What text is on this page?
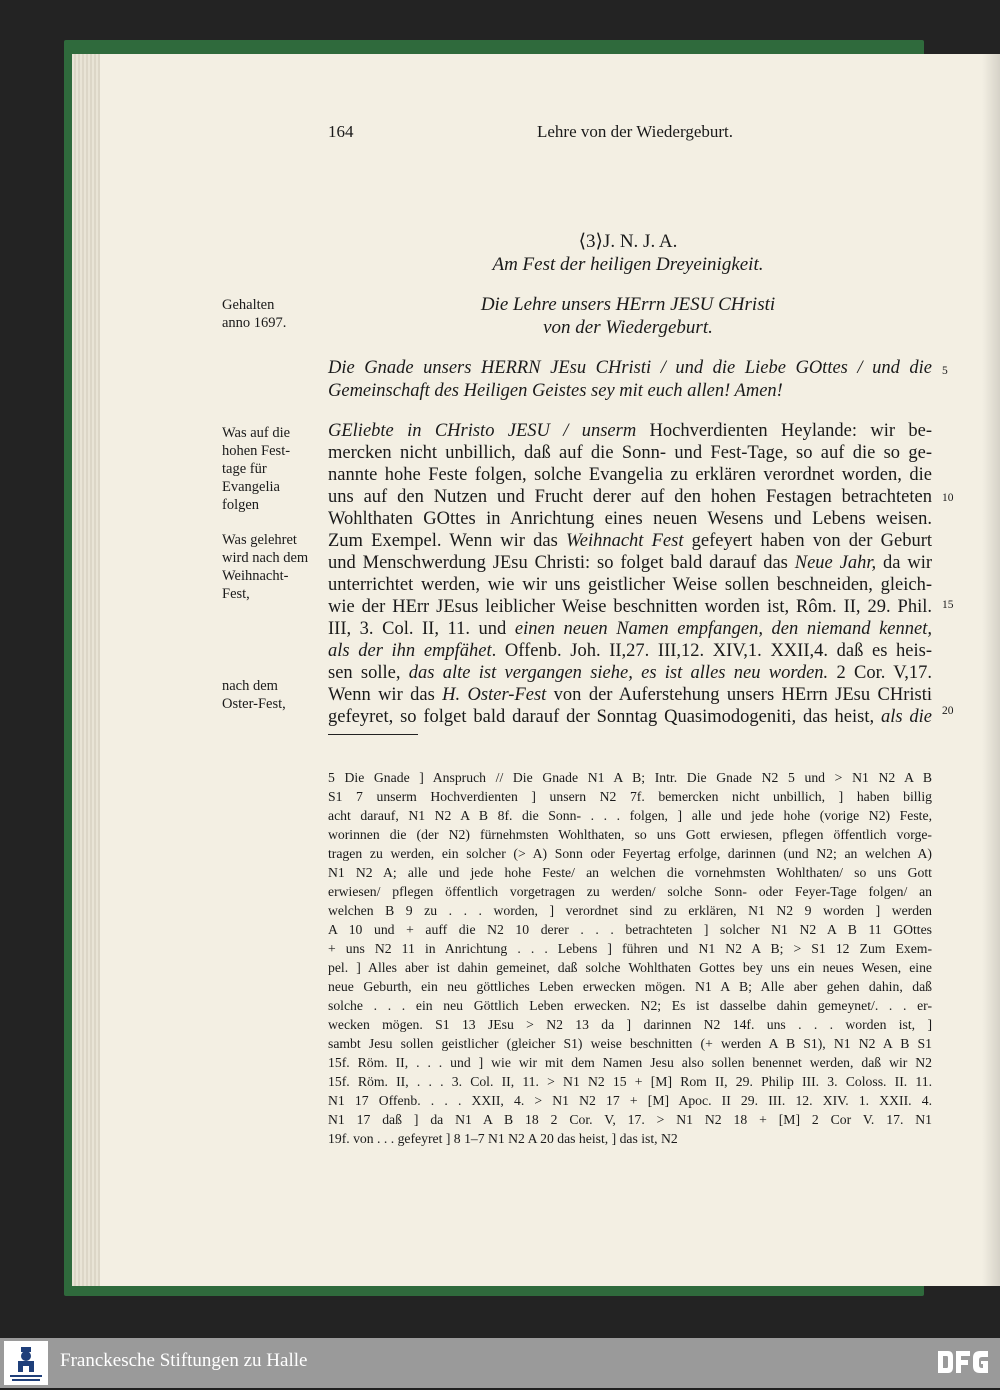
164	Lehre von der Wiedergeburt.
⟨3⟩J. N. J. A.
Am Fest der heiligen Dreyeinigkeit.
Die Lehre unsers HErrn JESU CHristi
von der Wiedergeburt.
Gehalten
anno 1697.
Was auf die
hohen Fest-
tage für
Evangelia
folgen
Was gelehret
wird nach dem
Weihnacht-
Fest,
nach dem
Oster-Fest,
Die Gnade unsers HERRN JEsu CHristi / und die Liebe GOttes / und die
Gemeinschaft des Heiligen Geistes sey mit euch allen! Amen!
GEliebte in CHristo JESU / unserm Hochverdienten Heylande: wir be-
mercken nicht unbillich, daß auf die Sonn- und Fest-Tage, so auf die so ge-
nannte hohe Feste folgen, solche Evangelia zu erklären verordnet worden, die
uns auf den Nutzen und Frucht derer auf den hohen Festagen betrachteten
Wohlthaten GOttes in Anrichtung eines neuen Wesens und Lebens weisen.
Zum Exempel. Wenn wir das Weihnacht Fest gefeyert haben von der Geburt
und Menschwerdung JEsu Christi: so folget bald darauf das Neue Jahr, da wir
unterrichtet werden, wie wir uns geistlicher Weise sollen beschneiden, gleich-
wie der HErr JEsus leiblicher Weise beschnitten worden ist, Rôm. II, 29. Phil.
III, 3. Col. II, 11. und einen neuen Namen empfangen, den niemand kennet,
als der ihn empfähet. Offenb. Joh. II,27. III,12. XIV,1. XXII,4. daß es heis-
sen solle, das alte ist vergangen siehe, es ist alles neu worden. 2 Cor. V,17.
Wenn wir das H. Oster-Fest von der Auferstehung unsers HErrn JEsu CHristi
gefeyret, so folget bald darauf der Sonntag Quasimodogeniti, das heist, als die
5
10
15
20
5 Die Gnade ] Anspruch // Die Gnade N1 A B; Intr. Die Gnade N2 5 und > N1 N2 A B
S1 7 unserm Hochverdienten ] unsern N2 7f. bemercken nicht unbillich, ] haben billig
acht darauf, N1 N2 A B 8f. die Sonn- . . . folgen, ] alle und jede hohe (vorige N2) Feste,
worinnen die (der N2) fürnehmsten Wohlthaten, so uns Gott erwiesen, pflegen öffentlich vorge-
tragen zu werden, ein solcher (> A) Sonn oder Feyertag erfolge, darinnen (und N2; an welchen A)
N1 N2 A; alle und jede hohe Feste/ an welchen die vornehmsten Wohlthaten/ so uns Gott
erwiesen/ pflegen öffentlich vorgetragen zu werden/ solche Sonn- oder Feyer-Tage folgen/ an
welchen B 9 zu . . . worden, ] verordnet sind zu erklären, N1 N2 9 worden ] werden
A 10 und + auff die N2 10 derer . . . betrachteten ] solcher N1 N2 A B 11 GOttes
+ uns N2 11 in Anrichtung . . . Lebens ] führen und N1 N2 A B; > S1 12 Zum Exem-
pel. ] Alles aber ist dahin gemeinet, daß solche Wohlthaten Gottes bey uns ein neues Wesen, eine
neue Geburth, ein neu göttliches Leben erwecken mögen. N1 A B; Alle aber gehen dahin, daß
solche . . . ein neu Göttlich Leben erwecken. N2; Es ist dasselbe dahin gemeynet/. . . er-
wecken mögen. S1 13 JEsu > N2 13 da ] darinnen N2 14f. uns . . . worden ist, ]
sambt Jesu sollen geistlicher (gleicher S1) weise beschnitten (+ werden A B S1), N1 N2 A B S1
15f. Röm. II, . . . und ] wie wir mit dem Namen Jesu also sollen benennet werden, daß wir N2
15f. Röm. II, . . . 3. Col. II, 11. > N1 N2 15 + [M] Rom II, 29. Philip III. 3. Coloss. II. 11.
N1 17 Offenb. . . . XXII, 4. > N1 N2 17 + [M] Apoc. II 29. III. 12. XIV. 1. XXII. 4.
N1 17 daß ] da N1 A B 18 2 Cor. V, 17. > N1 N2 18 + [M] 2 Cor V. 17. N1
19f. von . . . gefeyret ] 8 1–7 N1 N2 A 20 das heist, ] das ist, N2
Franckesche Stiftungen zu Halle
